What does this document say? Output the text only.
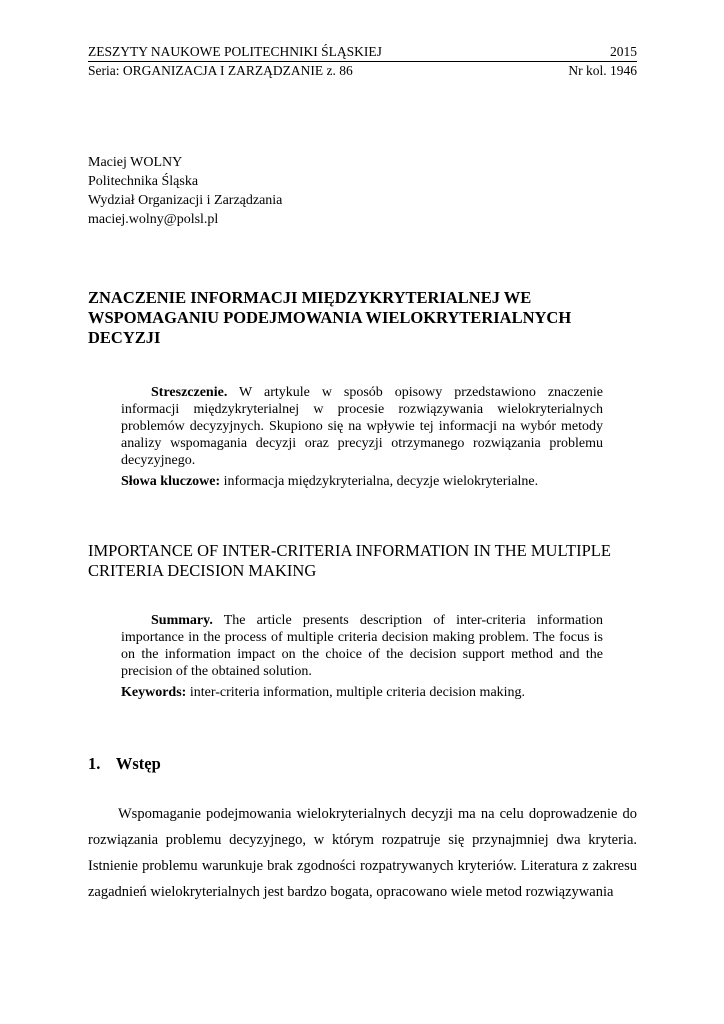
ZESZYTY NAUKOWE POLITECHNIKI ŚLĄSKIEJ	2015
Seria: ORGANIZACJA I ZARZĄDZANIE z. 86	Nr kol. 1946
Maciej WOLNY
Politechnika Śląska
Wydział Organizacji i Zarządzania
maciej.wolny@polsl.pl
ZNACZENIE INFORMACJI MIĘDZYKRYTERIALNEJ WE WSPOMAGANIU PODEJMOWANIA WIELOKRYTERIALNYCH DECYZJI

Streszczenie. W artykule w sposób opisowy przedstawiono znaczenie informacji międzykryterialnej w procesie rozwiązywania wielokryterialnych problemów decyzyjnych. Skupiono się na wpływie tej informacji na wybór metody analizy wspomagania decyzji oraz precyzji otrzymanego rozwiązania problemu decyzyjnego.

Słowa kluczowe: informacja międzykryterialna, decyzje wielokryterialne.

IMPORTANCE OF INTER-CRITERIA INFORMATION IN THE MULTIPLE CRITERIA DECISION MAKING

Summary. The article presents description of inter-criteria information importance in the process of multiple criteria decision making problem. The focus is on the information impact on the choice of the decision support method and the precision of the obtained solution.

Keywords: inter-criteria information, multiple criteria decision making.

1. Wstęp

Wspomaganie podejmowania wielokryterialnych decyzji ma na celu doprowadzenie do rozwiązania problemu decyzyjnego, w którym rozpatruje się przynajmniej dwa kryteria. Istnienie problemu warunkuje brak zgodności rozpatrywanych kryteriów. Literatura z zakresu zagadnień wielokryterialnych jest bardzo bogata, opracowano wiele metod rozwiązywania
